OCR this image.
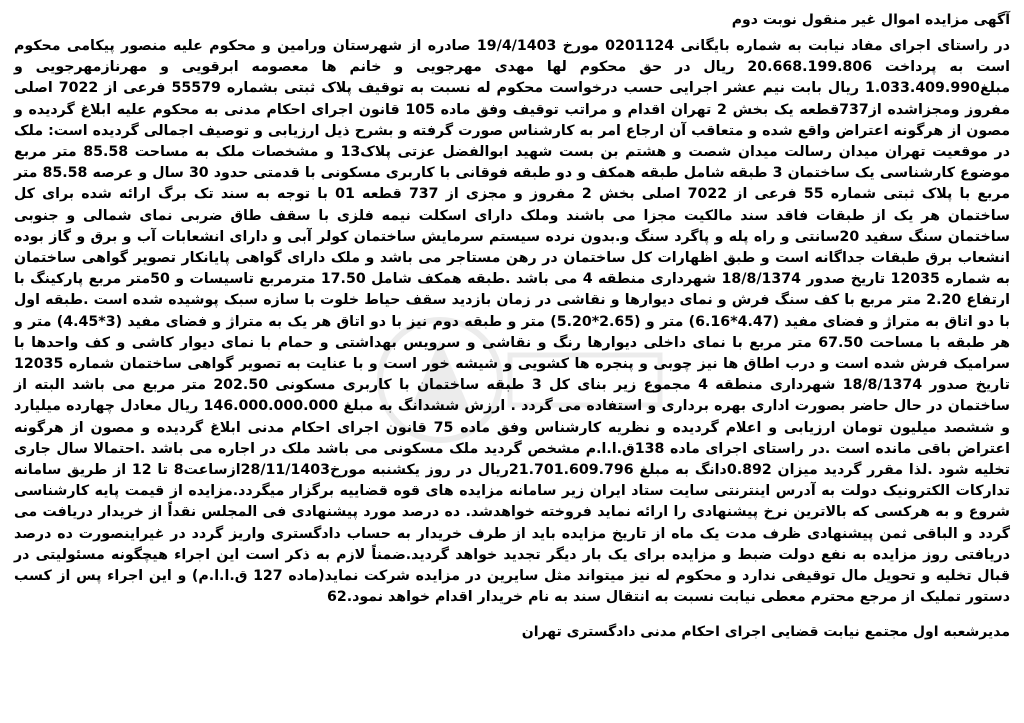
آگهی مزایده اموال غیر منقول نوبت دوم

در راستای اجرای مفاد نیابت به شماره بایگانی 0201124 مورخ 19/4/1403 صادره از شهرستان ورامین و محکوم علیه منصور پیکامی محکوم است به پرداخت 20.668.199.806 ریال در حق محکوم لها مهدی مهرجویی و خانم ها معصومه ابرقویی و مهرنازمهرجویی و مبلغ1.033.409.990 ریال بابت نیم عشر اجرایی حسب درخواست محکوم له نسبت به توقیف پلاک ثبتی بشماره 55579 فرعی از 7022 اصلی مفروز ومجزاشده از737قطعه یک بخش 2 تهران اقدام و مراتب توقیف وفق ماده 105 قانون اجرای احکام مدنی به محکوم علیه ابلاغ گردیده و مصون از هرگونه اعتراض واقع شده و متعاقب آن ارجاع امر به کارشناس صورت گرفته و بشرح ذیل ارزیابی و توصیف اجمالی گردیده است: ملک در موقعیت تهران میدان رسالت میدان شصت و هشتم بن بست شهید ابوالفضل عزتی پلاک13 و مشخصات ملک به مساحت 85.58 متر مربع موضوع کارشناسی یک ساختمان 3 طبقه شامل طبقه همکف و دو طبقه فوقانی با کاربری مسکونی با قدمتی حدود 30 سال و عرصه 85.58 متر مربع با پلاک ثبتی شماره 55 فرعی از 7022 اصلی بخش 2 مفروز و مجزی از 737 قطعه 01 با توجه به سند تک برگ ارائه شده برای کل ساختمان هر یک از طبقات فاقد سند مالکیت مجزا می باشند وملک دارای اسکلت نیمه فلزی با سقف طاق ضربی نمای شمالی و جنوبی ساختمان سنگ سفید 20سانتی و راه پله و پاگرد سنگ و.بدون نرده سیستم سرمایش ساختمان کولر آبی و دارای انشعابات آب و برق و گاز بوده انشعاب برق طبقات جداگانه است و طبق اظهارات کل ساختمان در رهن مستاجر می باشد و ملک دارای گواهی پایانکار تصویر گواهی ساختمان به شماره 12035 تاریخ صدور 18/8/1374 شهرداری منطقه 4 می باشد .طبقه همکف شامل 17.50 مترمربع تاسیسات و 50متر مربع پارکینگ با ارتفاع 2.20 متر مربع با کف سنگ فرش و نمای دیوارها و نقاشی در زمان بازدید سقف حیاط خلوت با سازه سبک پوشیده شده است .طبقه اول با دو اتاق به متراژ و فضای مفید (4.47*6.16) متر و (2.65*5.20) متر و طبقه دوم نیز با دو اتاق هر یک به متراژ و فضای مفید (3*4.45) متر و هر طبقه با مساحت 67.50 متر مربع با نمای داخلی دیوارها رنگ و نقاشی و سرویس بهداشتی و حمام با نمای دیوار کاشی و کف واحدها با سرامیک فرش شده است و درب اطاق ها نیز چوبی و پنجره ها کشویی و شیشه خور است و با عنایت به تصویر گواهی ساختمان شماره 12035 تاریخ صدور 18/8/1374 شهرداری منطقه 4 مجموع زیر بنای کل 3 طبقه ساختمان با کاربری مسکونی 202.50 متر مربع می باشد البته از ساختمان در حال حاضر بصورت اداری بهره برداری و استفاده می گردد . ارزش ششدانگ به مبلغ 146.000.000.000 ریال معادل چهارده میلیارد و ششصد میلیون تومان ارزیابی و اعلام گردیده و نظریه کارشناس وفق ماده 75 قانون اجرای احکام مدنی ابلاغ گردیده و مصون از هرگونه اعتراض باقی مانده است .در راستای اجرای ماده 138ق.ا.ا.م مشخص گردید ملک مسکونی می باشد ملک در اجاره می باشد .احتمالا سال جاری تخلیه شود .لذا مقرر گردید میزان 0.892دانگ به مبلغ 21.701.609.796ریال در روز یکشنبه مورخ28/11/1403ازساعت8 تا 12 از طریق سامانه تدارکات الکترونیک دولت به آدرس اینترنتی سایت ستاد ایران زیر سامانه مزایده های قوه قضاییه برگزار میگردد.مزایده از قیمت پایه کارشناسی شروع و به هرکسی که بالاترین نرخ پیشنهادی را ارائه نماید فروخته خواهدشد. ده درصد مورد پیشنهادی فی المجلس نقداً از خریدار دریافت می گردد و الباقی ثمن پیشنهادی ظرف مدت یک ماه از تاریخ مزایده باید از طرف خریدار به حساب دادگستری واریز گردد در غیراینصورت ده درصد دریافتی روز مزایده به نفع دولت ضبط و مزایده برای یک بار دیگر تجدید خواهد گردید.ضمناً لازم به ذکر است این اجراء هیچگونه مسئولیتی در قبال تخلیه و تحویل مال توقیفی ندارد و محکوم له نیز میتواند مثل سایرین در مزایده شرکت نماید(ماده 127 ق.ا.ا.م) و این اجراء پس از کسب دستور تملیک از مرجع محترم معطی نیابت نسبت به انتقال سند به نام خریدار اقدام خواهد نمود.62

مدیرشعبه اول مجتمع نیابت قضایی اجرای احکام مدنی دادگستری تهران
